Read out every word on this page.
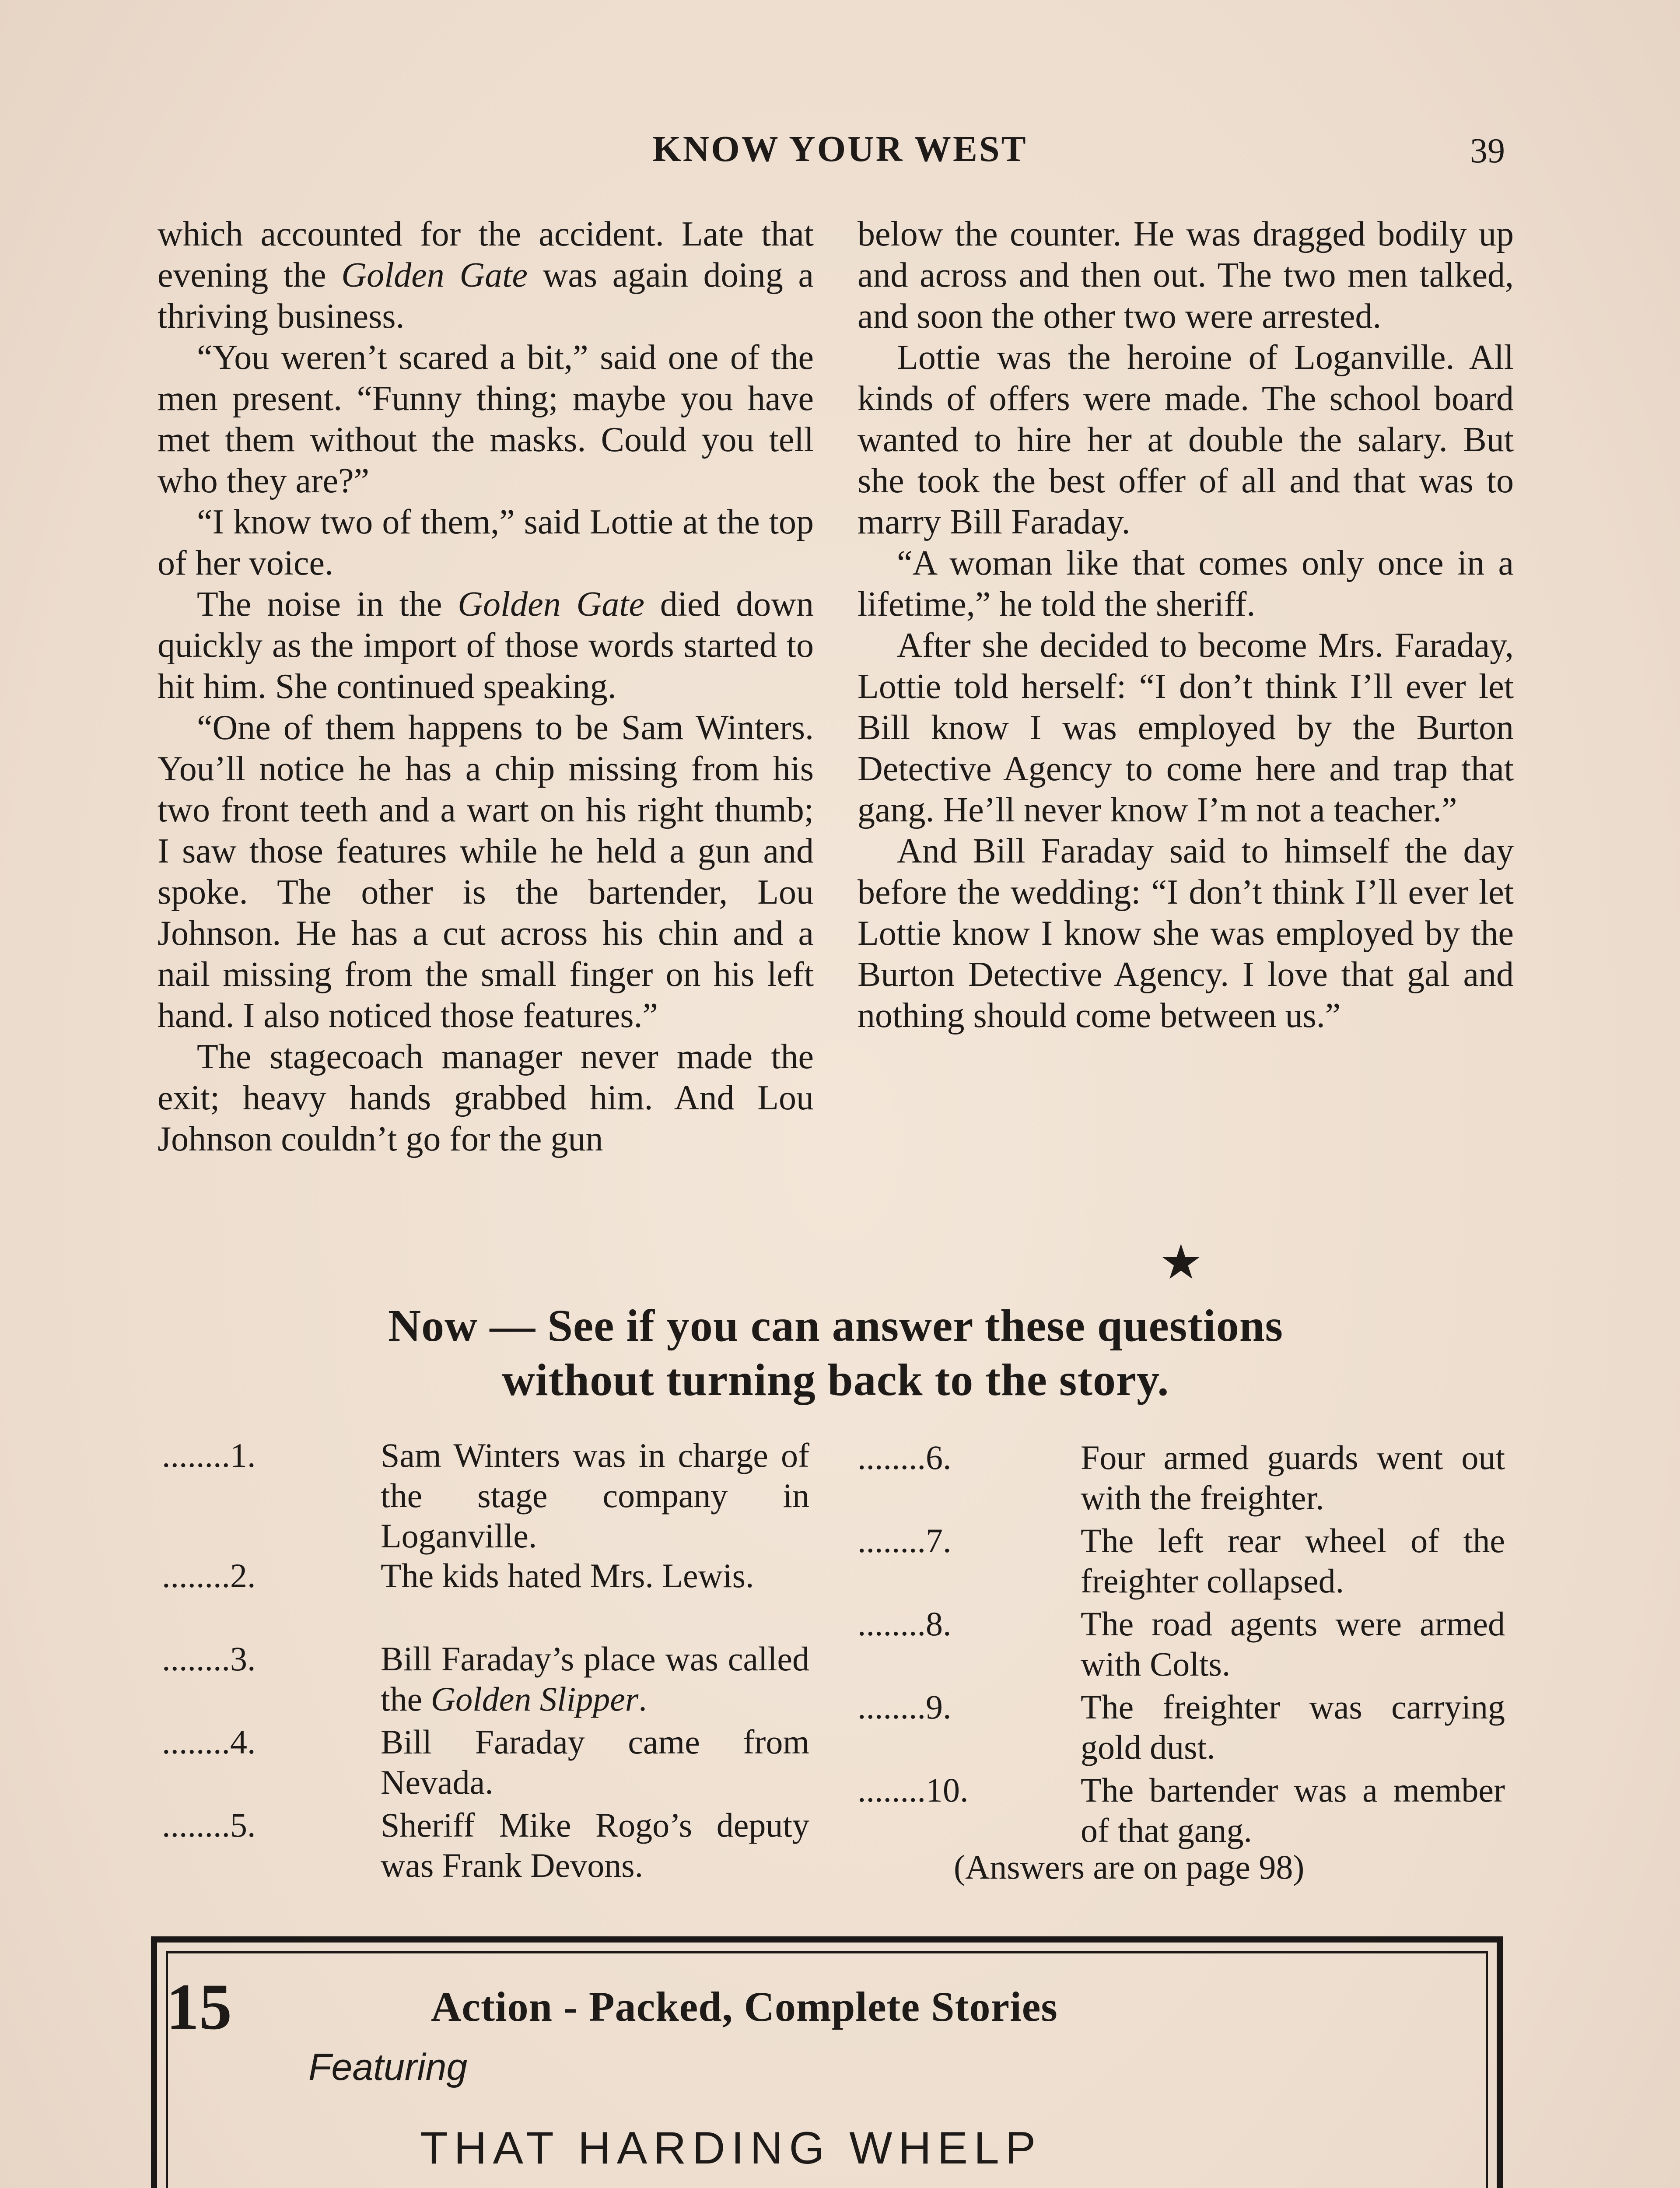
KNOW YOUR WEST	39

which accounted for the accident. Late that evening the Golden Gate was again doing a thriving business.

“You weren’t scared a bit,” said one of the men present. “Funny thing; maybe you have met them without the masks. Could you tell who they are?”

“I know two of them,” said Lottie at the top of her voice.

The noise in the Golden Gate died down quickly as the import of those words started to hit him. She continued speaking.

“One of them happens to be Sam Winters. You’ll notice he has a chip missing from his two front teeth and a wart on his right thumb; I saw those features while he held a gun and spoke. The other is the bartender, Lou Johnson. He has a cut across his chin and a nail missing from the small finger on his left hand. I also noticed those features.”

The stagecoach manager never made the exit; heavy hands grabbed him. And Lou Johnson couldn’t go for the gun

below the counter. He was dragged bodily up and across and then out. The two men talked, and soon the other two were arrested.

Lottie was the heroine of Loganville. All kinds of offers were made. The school board wanted to hire her at double the salary. But she took the best offer of all and that was to marry Bill Faraday.

“A woman like that comes only once in a lifetime,” he told the sheriff.

After she decided to become Mrs. Faraday, Lottie told herself: “I don’t think I’ll ever let Bill know I was employed by the Burton Detective Agency to come here and trap that gang. He’ll never know I’m not a teacher.”

And Bill Faraday said to himself the day before the wedding: “I don’t think I’ll ever let Lottie know I know she was employed by the Burton Detective Agency. I love that gal and nothing should come between us.”

★
Now — See if you can answer these questions
without turning back to the story.
........1.	Sam Winters was in charge of the stage company in Loganville.
........2.	The kids hated Mrs. Lewis.
........3.	Bill Faraday’s place was called the Golden Slipper.
........4.	Bill Faraday came from Nevada.
........5.	Sheriff Mike Rogo’s deputy was Frank Devons.
........6.	Four armed guards went out with the freighter.
........7.	The left rear wheel of the freighter collapsed.
........8.	The road agents were armed with Colts.
........9.	The freighter was carrying gold dust.
........10.	The bartender was a member of that gang.
(Answers are on page 98)
15	Action - Packed, Complete Stories
Featuring
THAT HARDING WHELP
